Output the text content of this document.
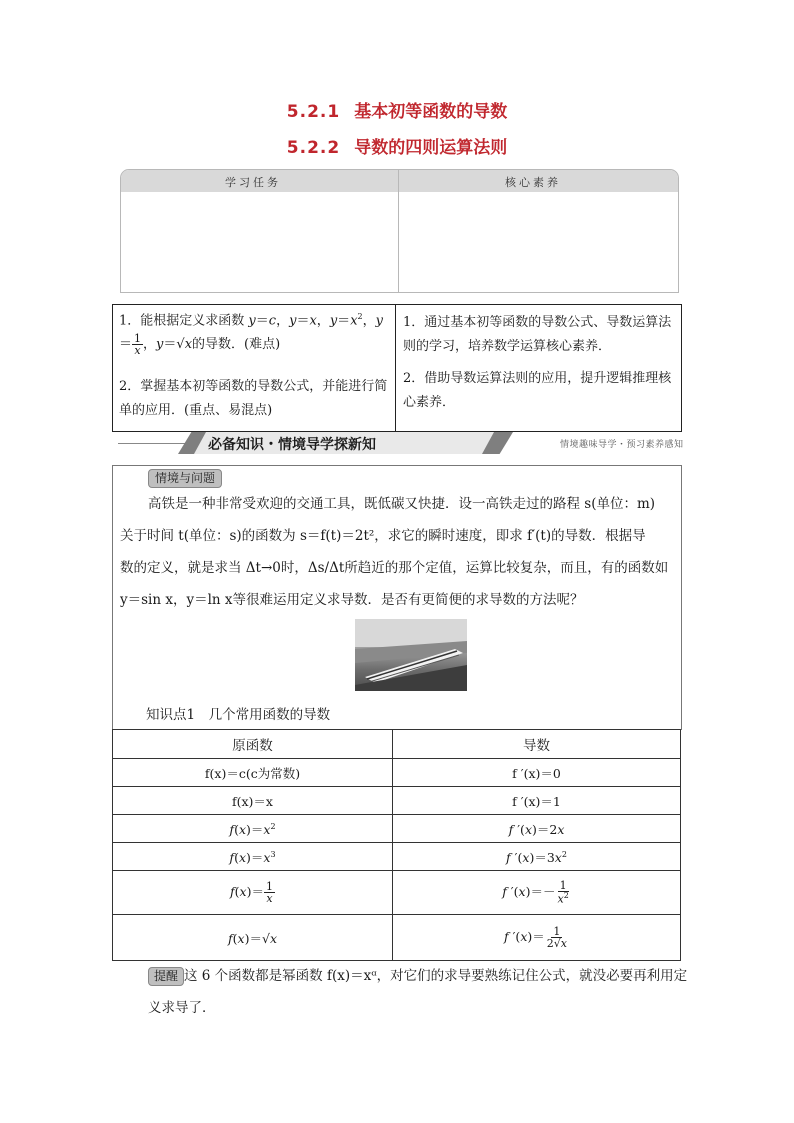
5.2.1 基本初等函数的导数
5.2.2 导数的四则运算法则
学习任务	核心素养
1．能根据定义求函数 y＝c，y＝x，$y=x^2$，y
＝ $\frac{1}{x}$ ，y＝√x的导数．(难点)
2．掌握基本初等函数的导数公式，并能进行简单的应用．(重点、易混点)
1．通过基本初等函数的导数公式、导数运算法则的学习，培养数学运算核心素养．
2．借助导数运算法则的应用，提升逻辑推理核心素养．
必备知识・情境导学探新知	情境趣味导学・预习素养感知
情境与问题
高铁是一种非常受欢迎的交通工具，既低碳又快捷．设一高铁走过的路程 s(单位：m)
关于时间 t(单位：s)的函数为 s＝f(t)＝2t²，求它的瞬时速度，即求 f′(t)的导数．根据导
数的定义，就是求当 Δt→0时，Δs/Δt所趋近的那个定值，运算比较复杂，而且，有的函数如
y＝sin x，y＝ln x等很难运用定义求导数．是否有更简便的求导数的方法呢？
知识点1　几个常用函数的导数
原函数	导数
f(x)＝c(c为常数)	f ′(x)＝0
f(x)＝x	f ′(x)＝1
$f(x)=x^2$	f ′(x)＝2x
$f(x)=x^3$	f $'(x)=3x^2$
$f(x)= \frac{1}{x}$	f $'(x)=- \frac{1}{x^2}$

f(x)＝√x	f $'(x)= \frac{1}{2√x}$
提醒 这 6 个函数都是幂函数 f(x)＝xᵅ，对它们的求导要熟练记住公式，就没必要再利用定义求导了．
